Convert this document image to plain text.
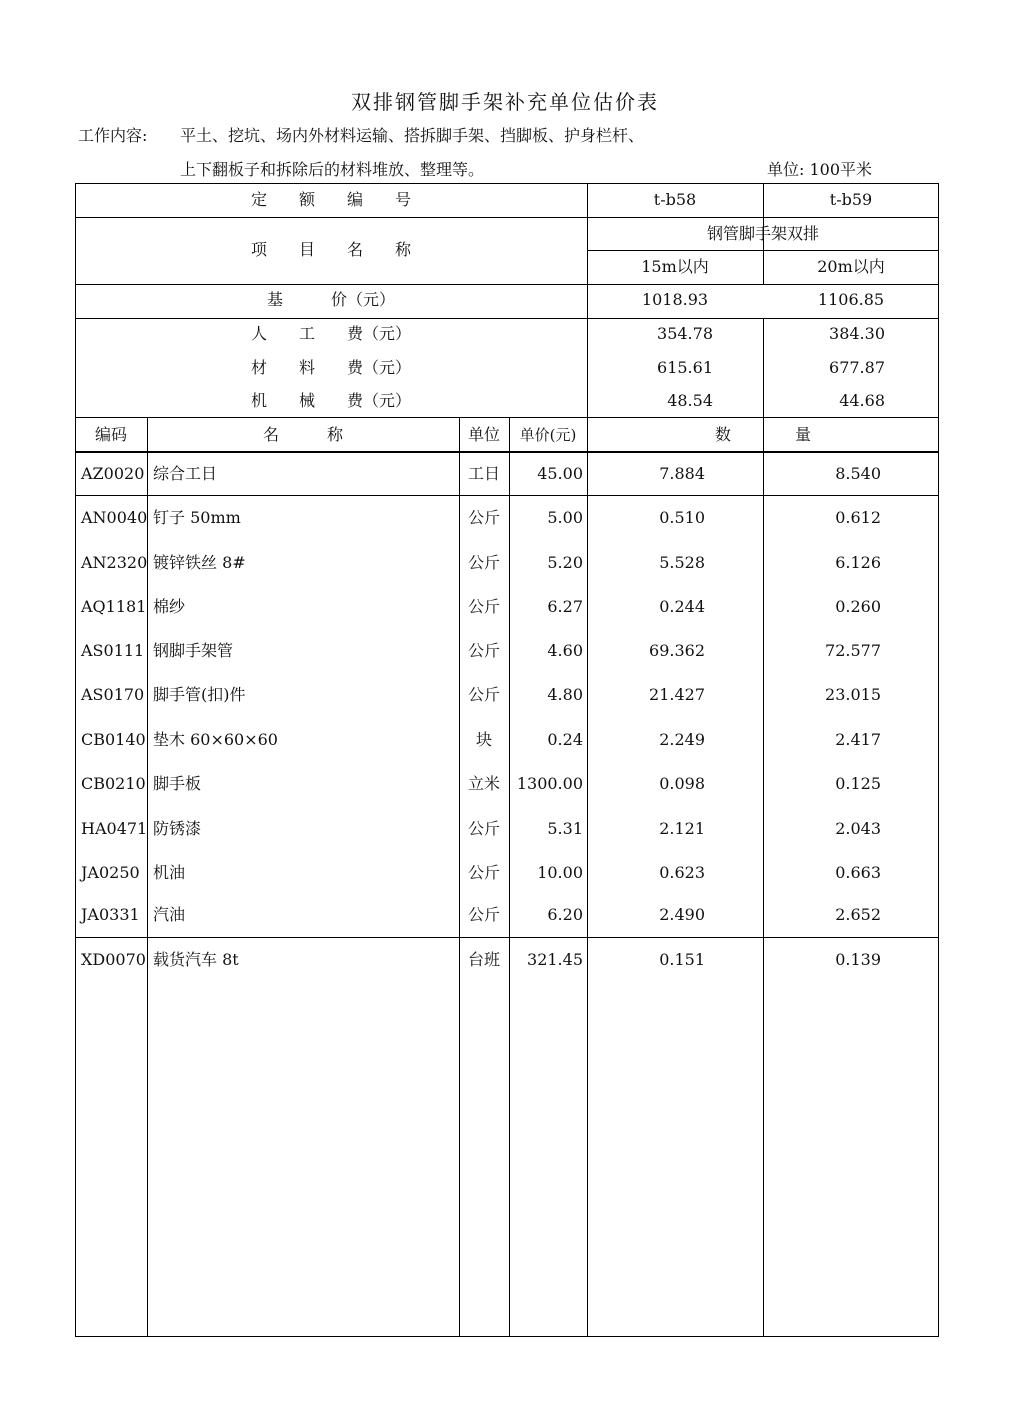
双排钢管脚手架补充单位估价表
工作内容: 平土、挖坑、场内外材料运输、搭拆脚手架、挡脚板、护身栏杆、
上下翻板子和拆除后的材料堆放、整理等。	单位: 100平米
定　　额　　编　　号	t-b58	t-b59
项　　目　　名　　称
钢管脚手架双排
15m以内	20m以内
基　　　价（元）	1018.93	1106.85
人　　工　　费（元）	354.78	384.30
材　　料　　费（元）	615.61	677.87
机　　械　　费（元）	48.54	44.68
编码	名　　　称	单位	单价(元)	数　　　　量
AZ0020 综合工日	工日	45.00	7.884	8.540
AN0040 钉子 50mm	公斤	5.00	0.510	0.612
AN2320 镀锌铁丝 8#	公斤	5.20	5.528	6.126
AQ1181 棉纱	公斤	6.27	0.244	0.260
AS0111 钢脚手架管	公斤	4.60	69.362	72.577
AS0170 脚手管(扣)件	公斤	4.80	21.427	23.015
CB0140 垫木 60×60×60	块	0.24	2.249	2.417
CB0210 脚手板	立米	1300.00	0.098	0.125
HA0471 防锈漆	公斤	5.31	2.121	2.043
JA0250 机油	公斤	10.00	0.623	0.663
JA0331 汽油	公斤	6.20	2.490	2.652
XD0070 载货汽车 8t	台班	321.45	0.151	0.139
